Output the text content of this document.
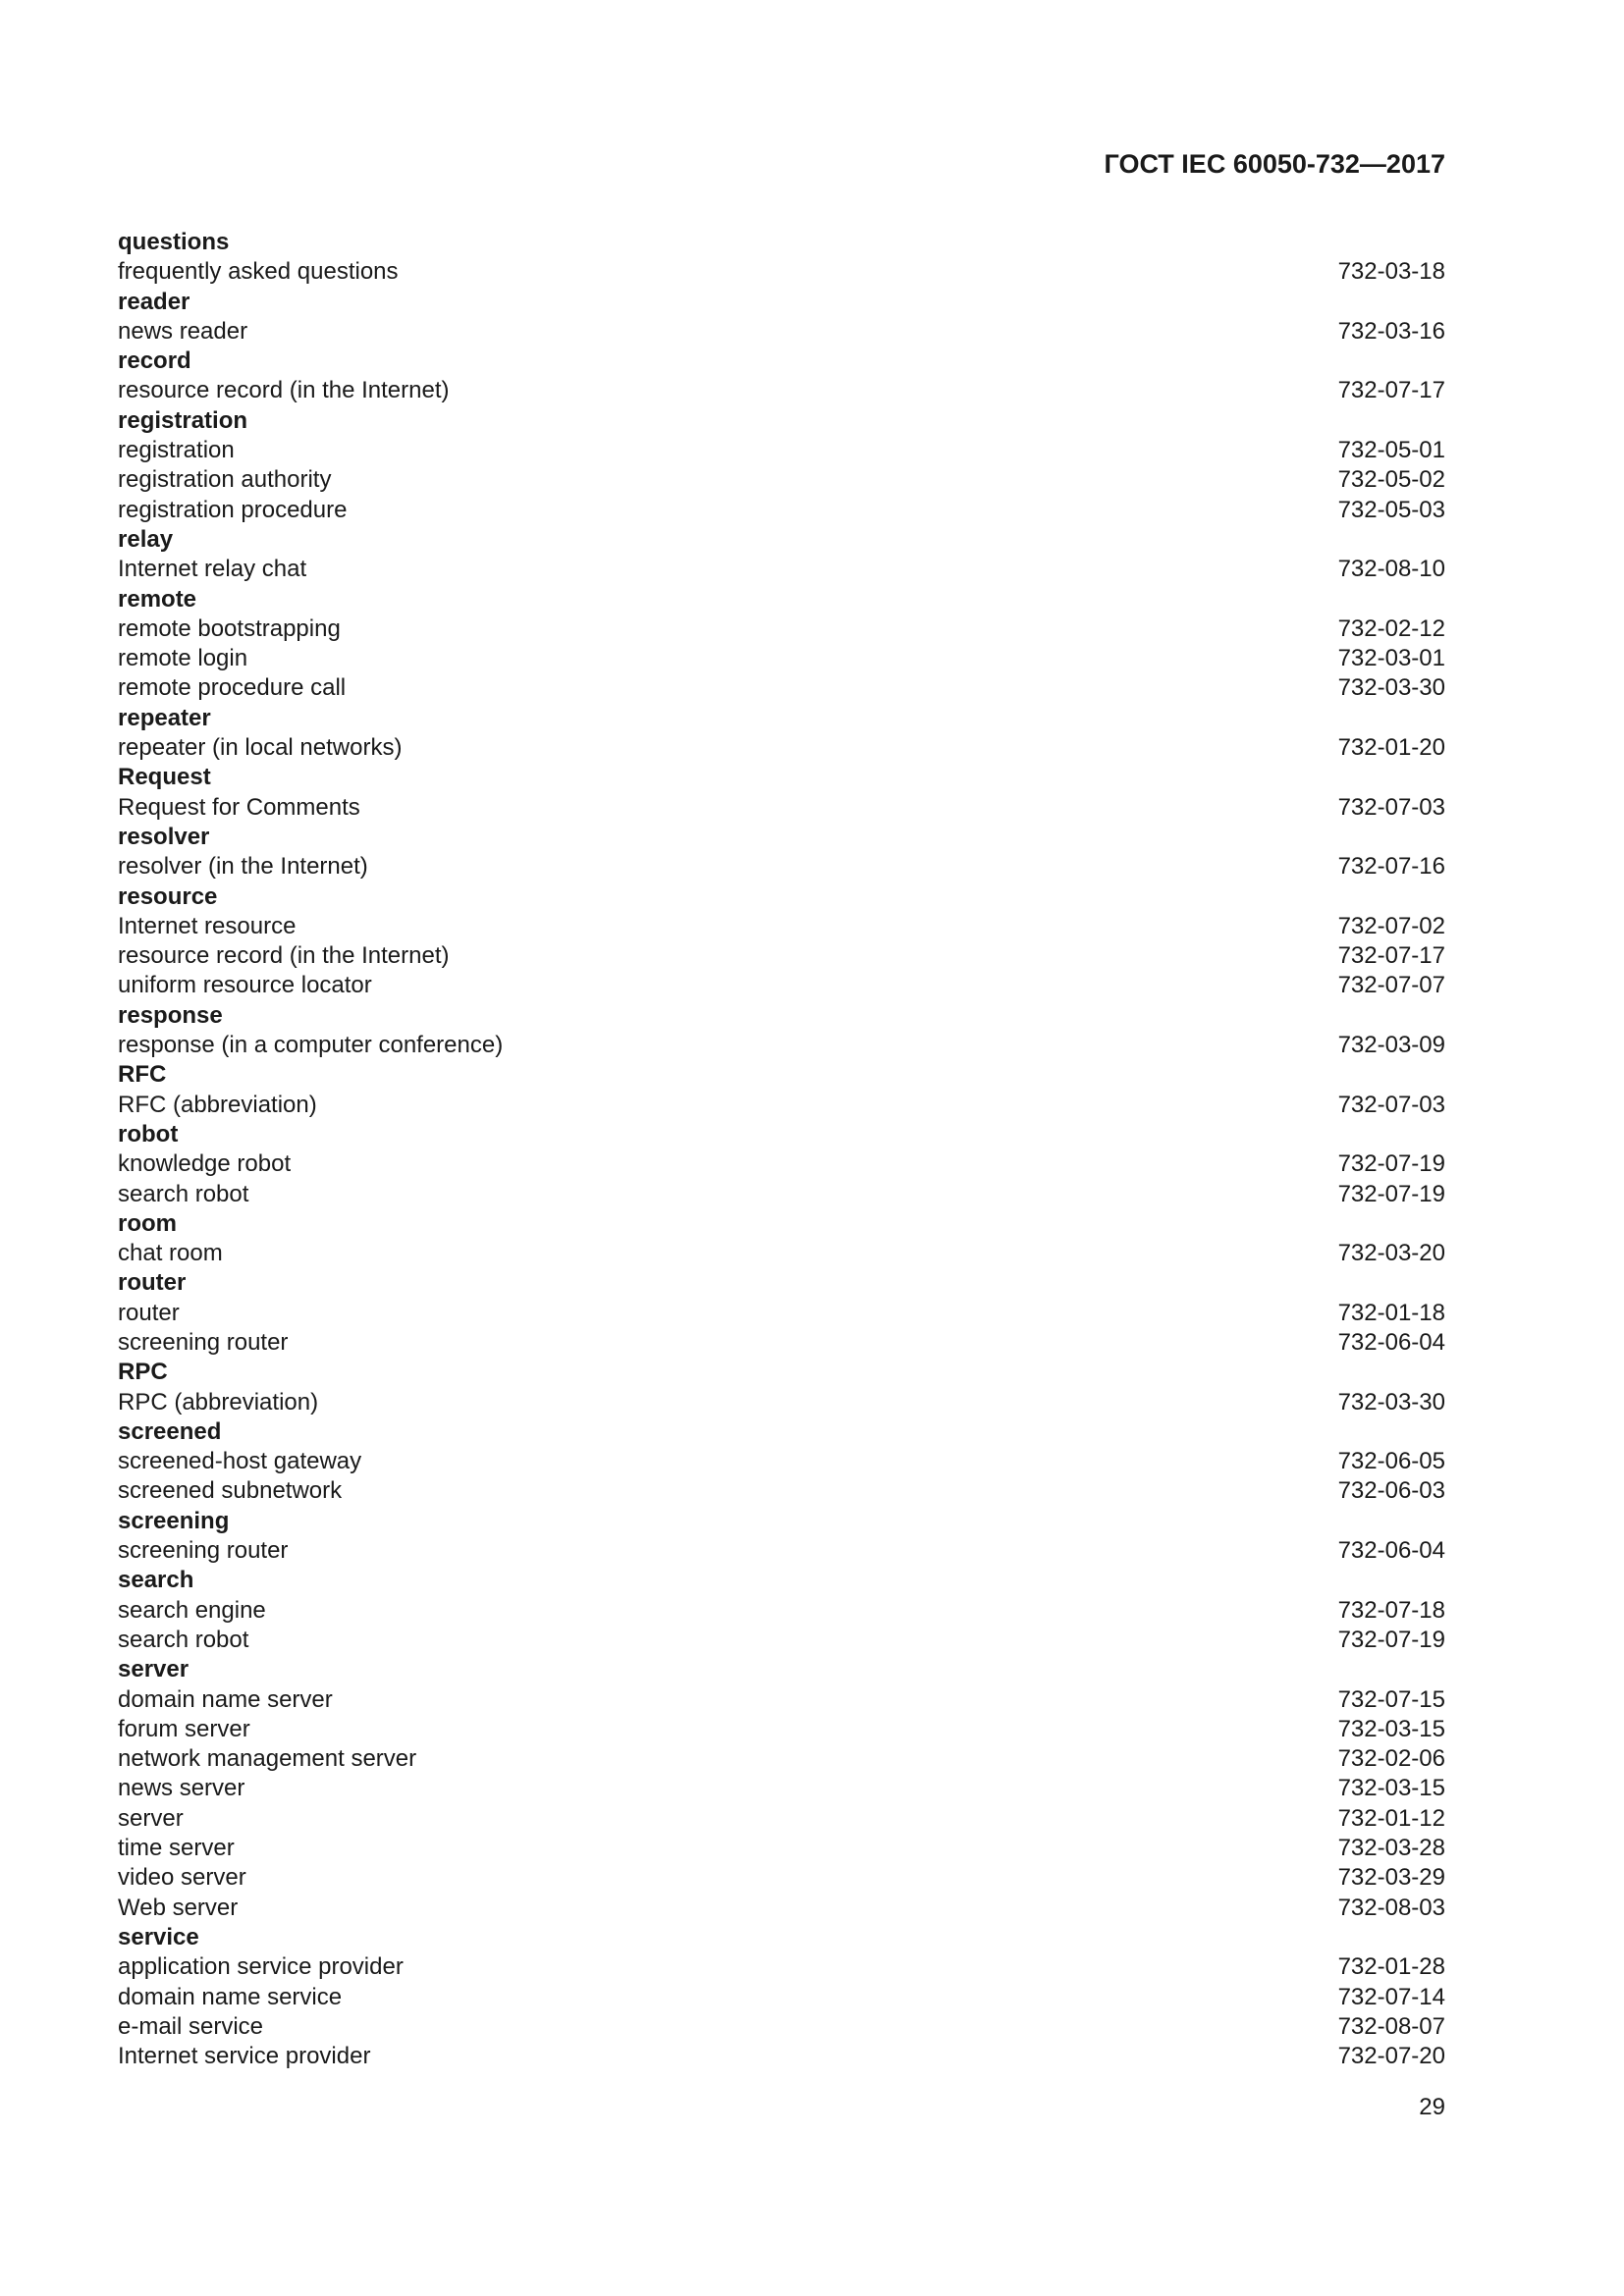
ГОСТ IEC 60050-732—2017
questions
frequently asked questions	732-03-18
reader
news reader	732-03-16
record
resource record (in the Internet)	732-07-17
registration
registration	732-05-01
registration authority	732-05-02
registration procedure	732-05-03
relay
Internet relay chat	732-08-10
remote
remote bootstrapping	732-02-12
remote login	732-03-01
remote procedure call	732-03-30
repeater
repeater (in local networks)	732-01-20
Request
Request for Comments	732-07-03
resolver
resolver (in the Internet)	732-07-16
resource
Internet resource	732-07-02
resource record (in the Internet)	732-07-17
uniform resource locator	732-07-07
response
response (in a computer conference)	732-03-09
RFC
RFC (abbreviation)	732-07-03
robot
knowledge robot	732-07-19
search robot	732-07-19
room
chat room	732-03-20
router
router	732-01-18
screening router	732-06-04
RPC
RPC (abbreviation)	732-03-30
screened
screened-host gateway	732-06-05
screened subnetwork	732-06-03
screening
screening router	732-06-04
search
search engine	732-07-18
search robot	732-07-19
server
domain name server	732-07-15
forum server	732-03-15
network management server	732-02-06
news server	732-03-15
server	732-01-12
time server	732-03-28
video server	732-03-29
Web server	732-08-03
service
application service provider	732-01-28
domain name service	732-07-14
e-mail service	732-08-07
Internet service provider	732-07-20
29
